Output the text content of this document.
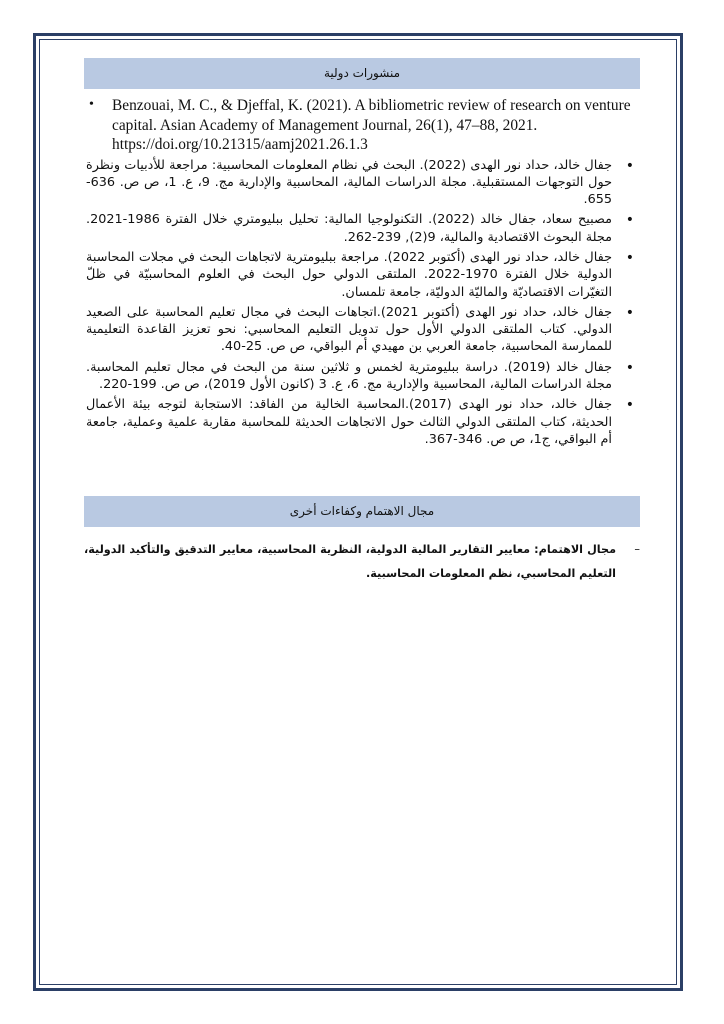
منشورات دولية
• Benzouai, M. C., & Djeffal, K. (2021). A bibliometric review of research on venture capital. Asian Academy of Management Journal, 26(1), 47–88, 2021. https://doi.org/10.21315/aamj2021.26.1.3
•
جفال خالد، حداد نور الهدى (2022). البحث في نظام المعلومات المحاسبية: مراجعة للأدبيات ونظرة حول التوجهات المستقبلية. مجلة الدراسات المالية، المحاسبية والإدارية مج. 9، ع. 1، ص ص. 636-655.
•
مصبيح سعاد، جفال خالد (2022). التكنولوجيا المالية: تحليل ببليومتري خلال الفترة 1986-2021. مجلة البحوث الاقتصادية والمالية، 9(2), 239-262.
•
جفال خالد، حداد نور الهدى (أكتوبر 2022). مراجعة ببليومترية لاتجاهات البحث في مجلات المحاسبة الدولية خلال الفترة 1970-2022. الملتقى الدولي حول البحث في العلوم المحاسبيّة في ظلّ التغيّرات الاقتصاديّة والماليّة الدوليّة، جامعة تلمسان.
•
جفال خالد، حداد نور الهدى (أكتوبر 2021).اتجاهات البحث في مجال تعليم المحاسبة على الصعيد الدولي. كتاب الملتقى الدولي الأول حول تدويل التعليم المحاسبي: نحو تعزيز القاعدة التعليمية للممارسة المحاسبية، جامعة العربي بن مهيدي أم البواقي، ص ص. 25-40.
•
جفال خالد (2019). دراسة ببليومترية لخمس و ثلاثين سنة من البحث في مجال تعليم المحاسبة. مجلة الدراسات المالية، المحاسبية والإدارية مج. 6، ع. 3 (كانون الأول 2019)، ص ص. 199-220.
•
جفال خالد، حداد نور الهدى (2017).المحاسبة الخالية من الفاقد: الاستجابة لتوجه بيئة الأعمال الحديثة، كتاب الملتقى الدولي الثالث حول الاتجاهات الحديثة للمحاسبة مقاربة علمية وعملية، جامعة أم البواقي، ج1، ص ص. 346-367.
مجال الاهتمام وكفاءات أخرى
–
مجال الاهتمام: معايير التقارير المالية الدولية، النظرية المحاسبية، معايير التدقيق والتأكيد الدولية، التعليم المحاسبي، نظم المعلومات المحاسبية.
